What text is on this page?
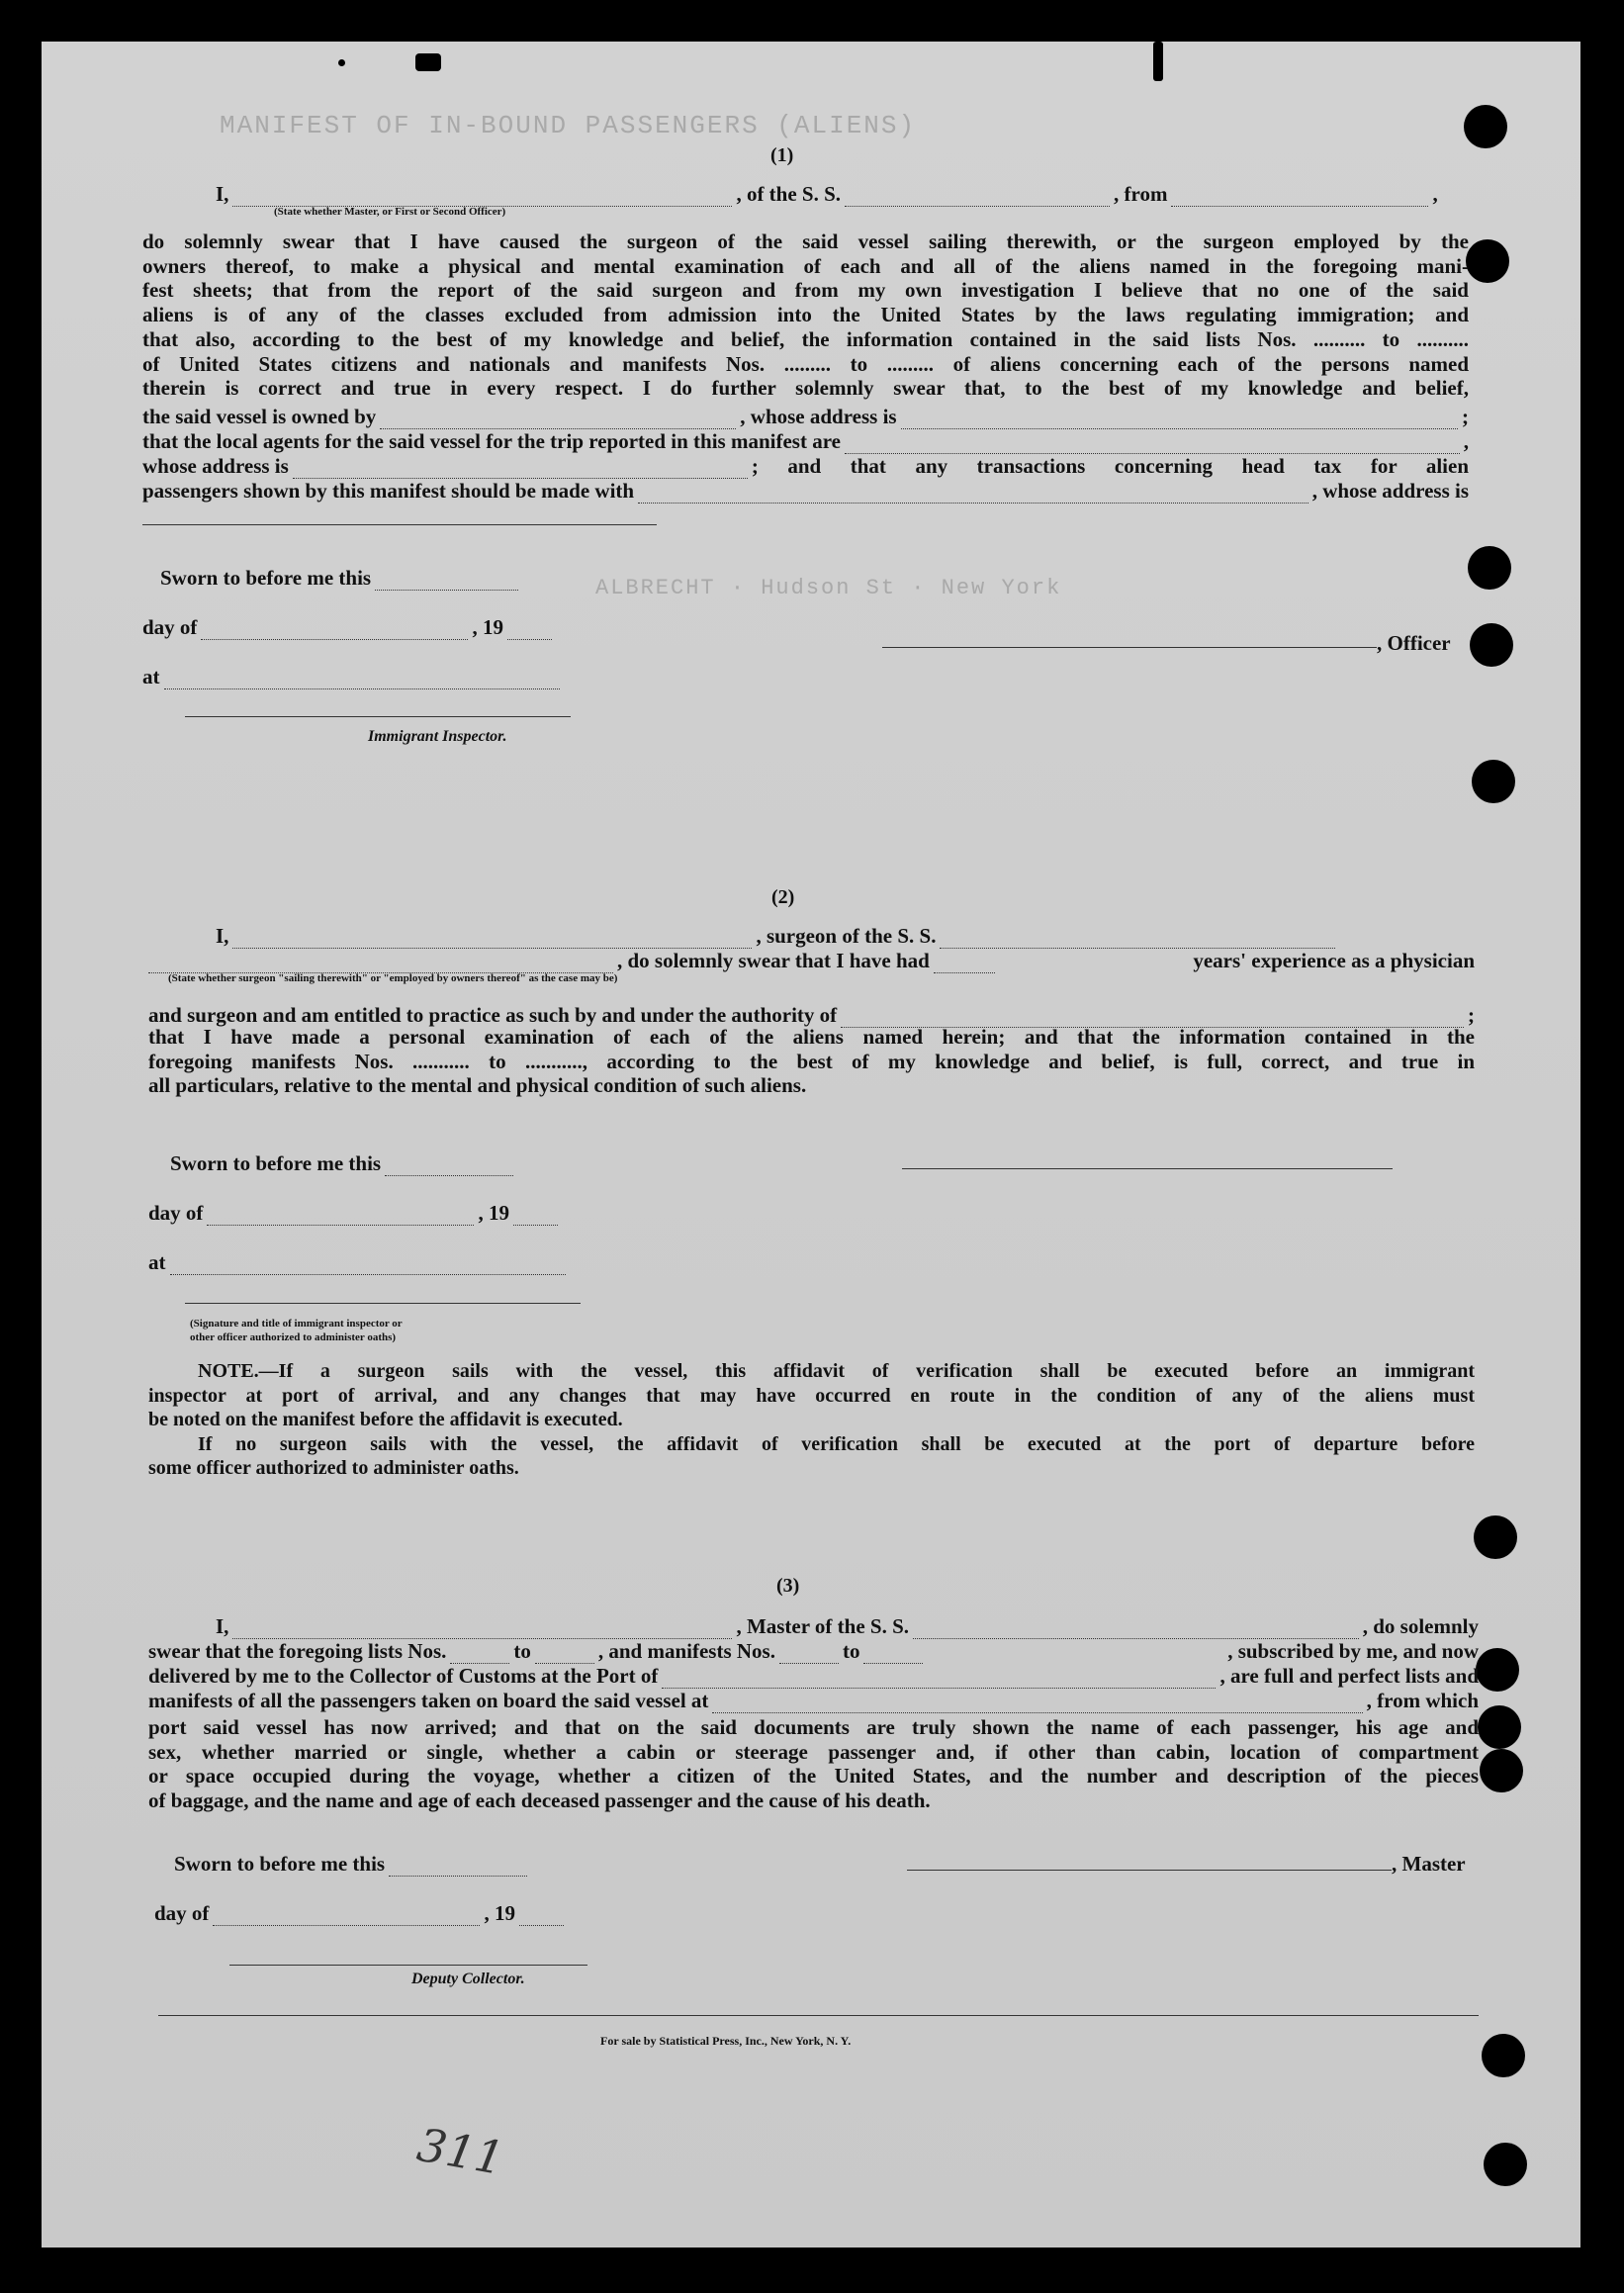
MANIFEST OF IN-BOUND PASSENGERS (ALIENS)
ALBRECHT · Hudson St · New York
(1)
I,	, of the S. S.	, from	,
(State whether Master, or First or Second Officer)

do solemnly swear that I have caused the surgeon of the said vessel sailing therewith, or the surgeon employed by the
owners thereof, to make a physical and mental examination of each and all of the aliens named in the foregoing mani-
fest sheets; that from the report of the said surgeon and from my own investigation I believe that no one of the said
aliens is of any of the classes excluded from admission into the United States by the laws regulating immigration; and
that also, according to the best of my knowledge and belief, the information contained in the said lists Nos. .......... to ..........
of United States citizens and nationals and manifests Nos. ......... to ......... of aliens concerning each of the persons named
therein is correct and true in every respect. I do further solemnly swear that, to the best of my knowledge and belief,

the said vessel is owned by	, whose address is	;
that the local agents for the said vessel for the trip reported in this manifest are	,
whose address is	; and that any transactions concerning head tax for alien
passengers shown by this manifest should be made with	, whose address is
Sworn to before me this
day of	, 19
at
Immigrant Inspector.
, Officer
(2)
I,	, surgeon of the S. S.
, do solemnly swear that I have had	years' experience as a physician
(State whether surgeon "sailing therewith" or "employed by owners thereof" as the case may be)
and surgeon and am entitled to practice as such by and under the authority of	;

that I have made a personal examination of each of the aliens named herein; and that the information contained in the
foregoing manifests Nos. ........... to ..........., according to the best of my knowledge and belief, is full, correct, and true in
all particulars, relative to the mental and physical condition of such aliens.

Sworn to before me this
day of	, 19
at
(Signature and title of immigrant inspector or
other officer authorized to administer oaths)

NOTE.—If a surgeon sails with the vessel, this affidavit of verification shall be executed before an immigrant
inspector at port of arrival, and any changes that may have occurred en route in the condition of any of the aliens must
be noted on the manifest before the affidavit is executed.
If no surgeon sails with the vessel, the affidavit of verification shall be executed at the port of departure before
some officer authorized to administer oaths.

(3)
I,	, Master of the S. S.	, do solemnly
swear that the foregoing lists Nos.	to	, and manifests Nos.	to	, subscribed by me, and now
delivered by me to the Collector of Customs at the Port of	, are full and perfect lists and
manifests of all the passengers taken on board the said vessel at	, from which

port said vessel has now arrived; and that on the said documents are truly shown the name of each passenger, his age and
sex, whether married or single, whether a cabin or steerage passenger and, if other than cabin, location of compartment
or space occupied during the voyage, whether a citizen of the United States, and the number and description of the pieces
of baggage, and the name and age of each deceased passenger and the cause of his death.

Sworn to before me this	, Master
day of	, 19
Deputy Collector.
For sale by Statistical Press, Inc., New York, N. Y.
311
